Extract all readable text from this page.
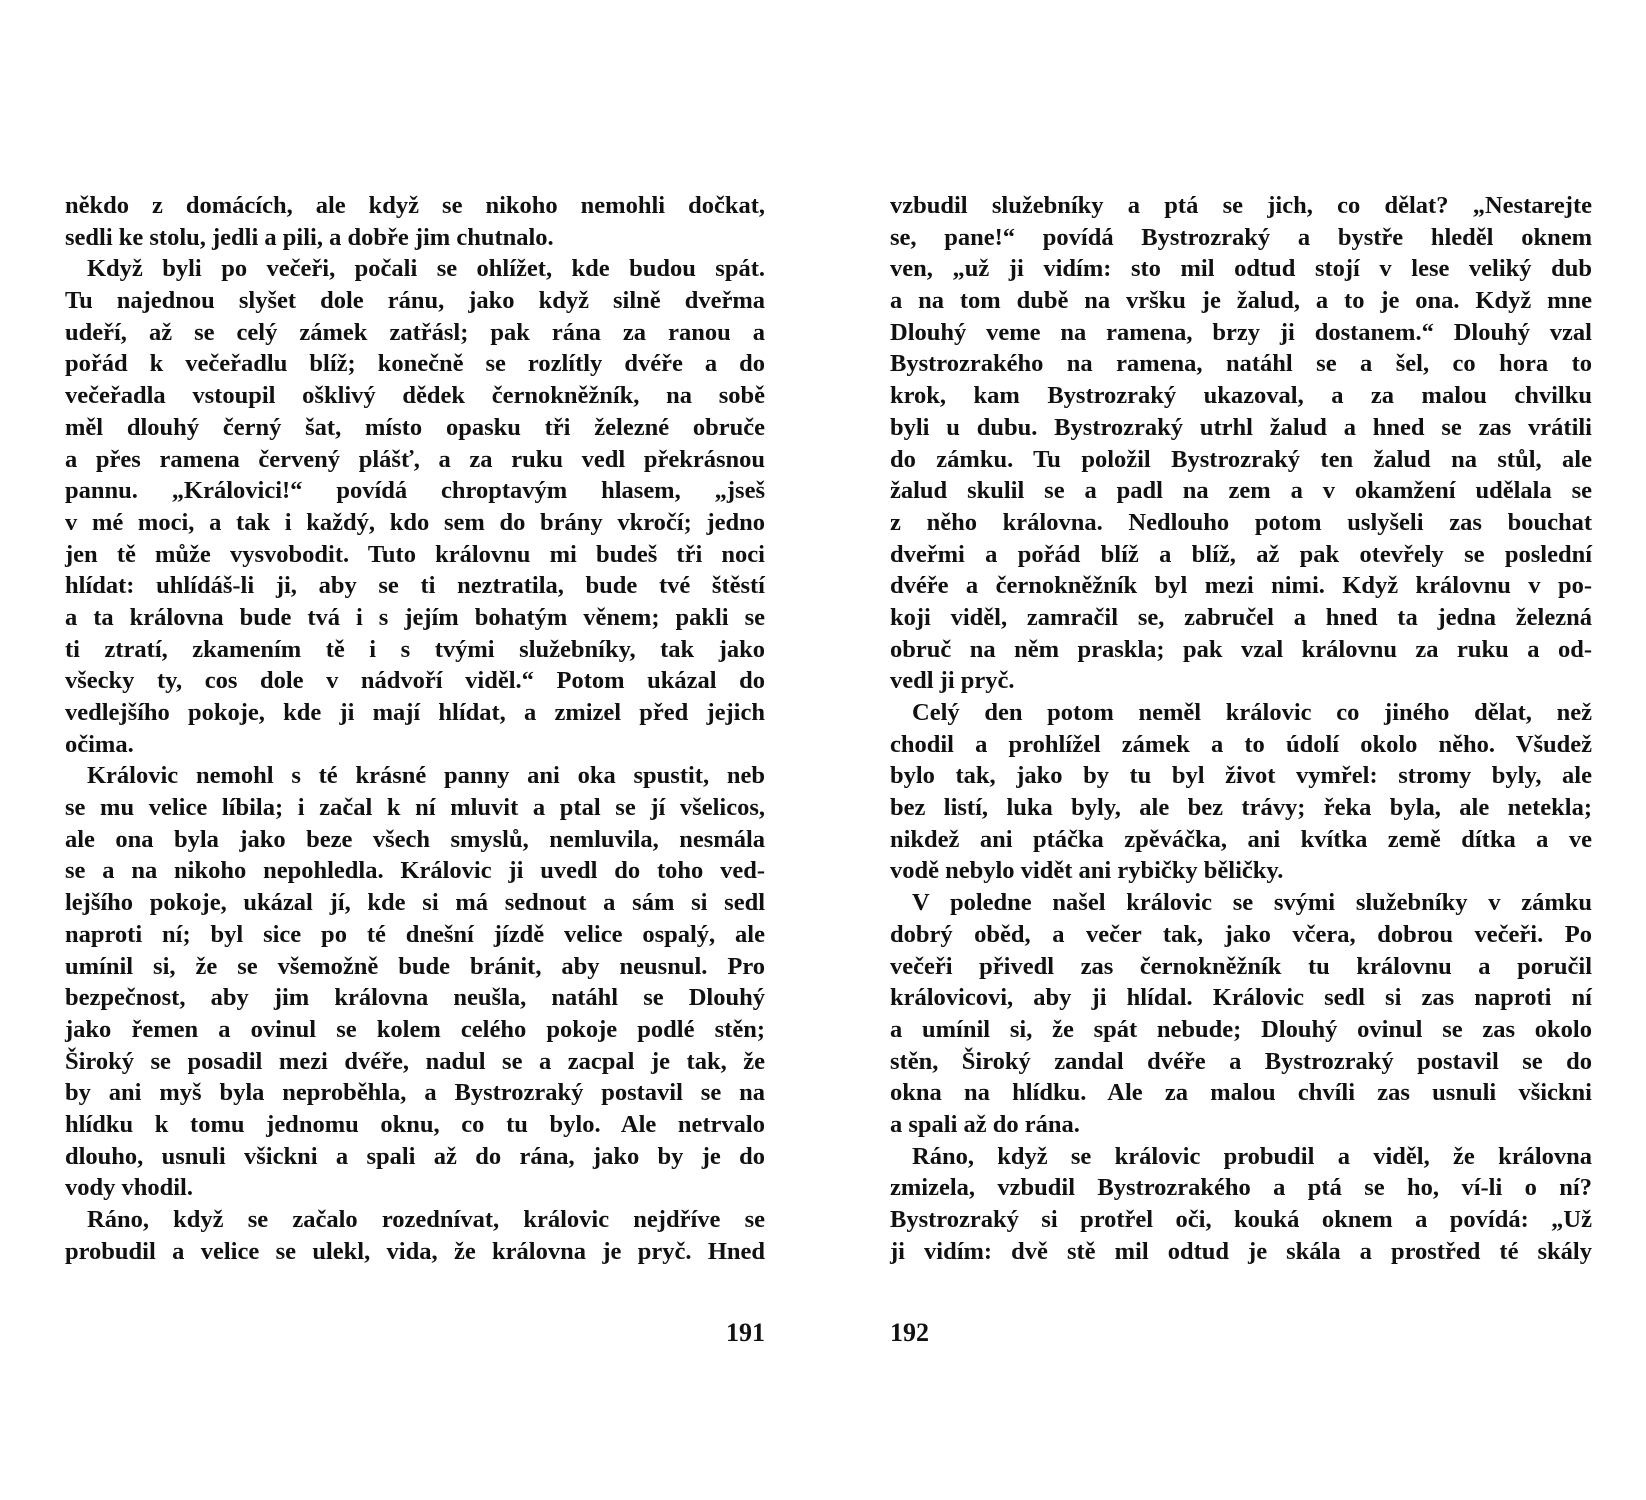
někdo z domácích, ale když se nikoho nemohli dočkat,
sedli ke stolu, jedli a pili, a dobře jim chutnalo.
Když byli po večeři, počali se ohlížet, kde budou spát.
Tu najednou slyšet dole ránu, jako když silně dveřma
udeří, až se celý zámek zatřásl; pak rána za ranou a
pořád k večeřadlu blíž; konečně se rozlítly dvéře a do
večeřadla vstoupil ošklivý dědek černokněžník, na sobě
měl dlouhý černý šat, místo opasku tři železné obruče
a přes ramena červený plášť, a za ruku vedl překrásnou
pannu. „Královici!“ povídá chroptavým hlasem, „jseš
v mé moci, a tak i každý, kdo sem do brány vkročí; jedno
jen tě může vysvobodit. Tuto královnu mi budeš tři noci
hlídat: uhlídáš-li ji, aby se ti neztratila, bude tvé štěstí
a ta královna bude tvá i s jejím bohatým věnem; pakli se
ti ztratí, zkamením tě i s tvými služebníky, tak jako
všecky ty, cos dole v nádvoří viděl.“ Potom ukázal do
vedlejšího pokoje, kde ji mají hlídat, a zmizel před jejich
očima.
Královic nemohl s té krásné panny ani oka spustit, neb
se mu velice líbila; i začal k ní mluvit a ptal se jí všelicos,
ale ona byla jako beze všech smyslů, nemluvila, nesmála
se a na nikoho nepohledla. Královic ji uvedl do toho ved-
lejšího pokoje, ukázal jí, kde si má sednout a sám si sedl
naproti ní; byl sice po té dnešní jízdě velice ospalý, ale
umínil si, že se všemožně bude bránit, aby neusnul. Pro
bezpečnost, aby jim královna neušla, natáhl se Dlouhý
jako řemen a ovinul se kolem celého pokoje podlé stěn;
Široký se posadil mezi dvéře, nadul se a zacpal je tak, že
by ani myš byla neproběhla, a Bystrozraký postavil se na
hlídku k tomu jednomu oknu, co tu bylo. Ale netrvalo
dlouho, usnuli všickni a spali až do rána, jako by je do
vody vhodil.
Ráno, když se začalo rozednívat, královic nejdříve se
probudil a velice se ulekl, vida, že královna je pryč. Hned
191
vzbudil služebníky a ptá se jich, co dělat? „Nestarejte
se, pane!“ povídá Bystrozraký a bystře hleděl oknem
ven, „už ji vidím: sto mil odtud stojí v lese veliký dub
a na tom dubě na vršku je žalud, a to je ona. Když mne
Dlouhý veme na ramena, brzy ji dostanem.“ Dlouhý vzal
Bystrozrakého na ramena, natáhl se a šel, co hora to
krok, kam Bystrozraký ukazoval, a za malou chvilku
byli u dubu. Bystrozraký utrhl žalud a hned se zas vrátili
do zámku. Tu položil Bystrozraký ten žalud na stůl, ale
žalud skulil se a padl na zem a v okamžení udělala se
z něho královna. Nedlouho potom uslyšeli zas bouchat
dveřmi a pořád blíž a blíž, až pak otevřely se poslední
dvéře a černokněžník byl mezi nimi. Když královnu v po-
koji viděl, zamračil se, zabručel a hned ta jedna železná
obruč na něm praskla; pak vzal královnu za ruku a od-
vedl ji pryč.
Celý den potom neměl královic co jiného dělat, než
chodil a prohlížel zámek a to údolí okolo něho. Všudež
bylo tak, jako by tu byl život vymřel: stromy byly, ale
bez listí, luka byly, ale bez trávy; řeka byla, ale netekla;
nikdež ani ptáčka zpěváčka, ani kvítka země dítka a ve
vodě nebylo vidět ani rybičky běličky.
V poledne našel královic se svými služebníky v zámku
dobrý oběd, a večer tak, jako včera, dobrou večeři. Po
večeři přivedl zas černokněžník tu královnu a poručil
královicovi, aby ji hlídal. Královic sedl si zas naproti ní
a umínil si, že spát nebude; Dlouhý ovinul se zas okolo
stěn, Široký zandal dvéře a Bystrozraký postavil se do
okna na hlídku. Ale za malou chvíli zas usnuli všickni
a spali až do rána.
Ráno, když se královic probudil a viděl, že královna
zmizela, vzbudil Bystrozrakého a ptá se ho, ví-li o ní?
Bystrozraký si protřel oči, kouká oknem a povídá: „Už
ji vidím: dvě stě mil odtud je skála a prostřed té skály
192
